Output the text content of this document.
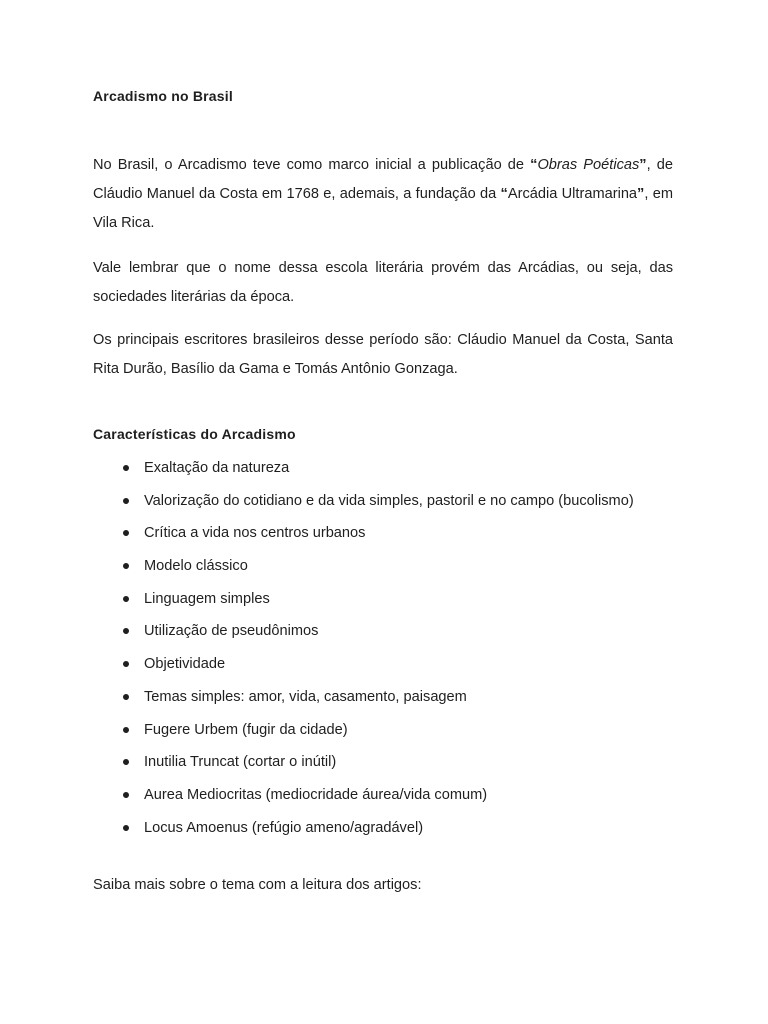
Arcadismo no Brasil

No Brasil, o Arcadismo teve como marco inicial a publicação de “Obras Poéticas”, de Cláudio Manuel da Costa em 1768 e, ademais, a fundação da “Arcádia Ultramarina”, em Vila Rica.

Vale lembrar que o nome dessa escola literária provém das Arcádias, ou seja, das sociedades literárias da época.

Os principais escritores brasileiros desse período são: Cláudio Manuel da Costa, Santa Rita Durão, Basílio da Gama e Tomás Antônio Gonzaga.

Características do Arcadismo
Exaltação da natureza
Valorização do cotidiano e da vida simples, pastoril e no campo (bucolismo)
Crítica a vida nos centros urbanos
Modelo clássico
Linguagem simples
Utilização de pseudônimos
Objetividade
Temas simples: amor, vida, casamento, paisagem
Fugere Urbem (fugir da cidade)
Inutilia Truncat (cortar o inútil)
Aurea Mediocritas (mediocridade áurea/vida comum)
Locus Amoenus (refúgio ameno/agradável)

Saiba mais sobre o tema com a leitura dos artigos:
